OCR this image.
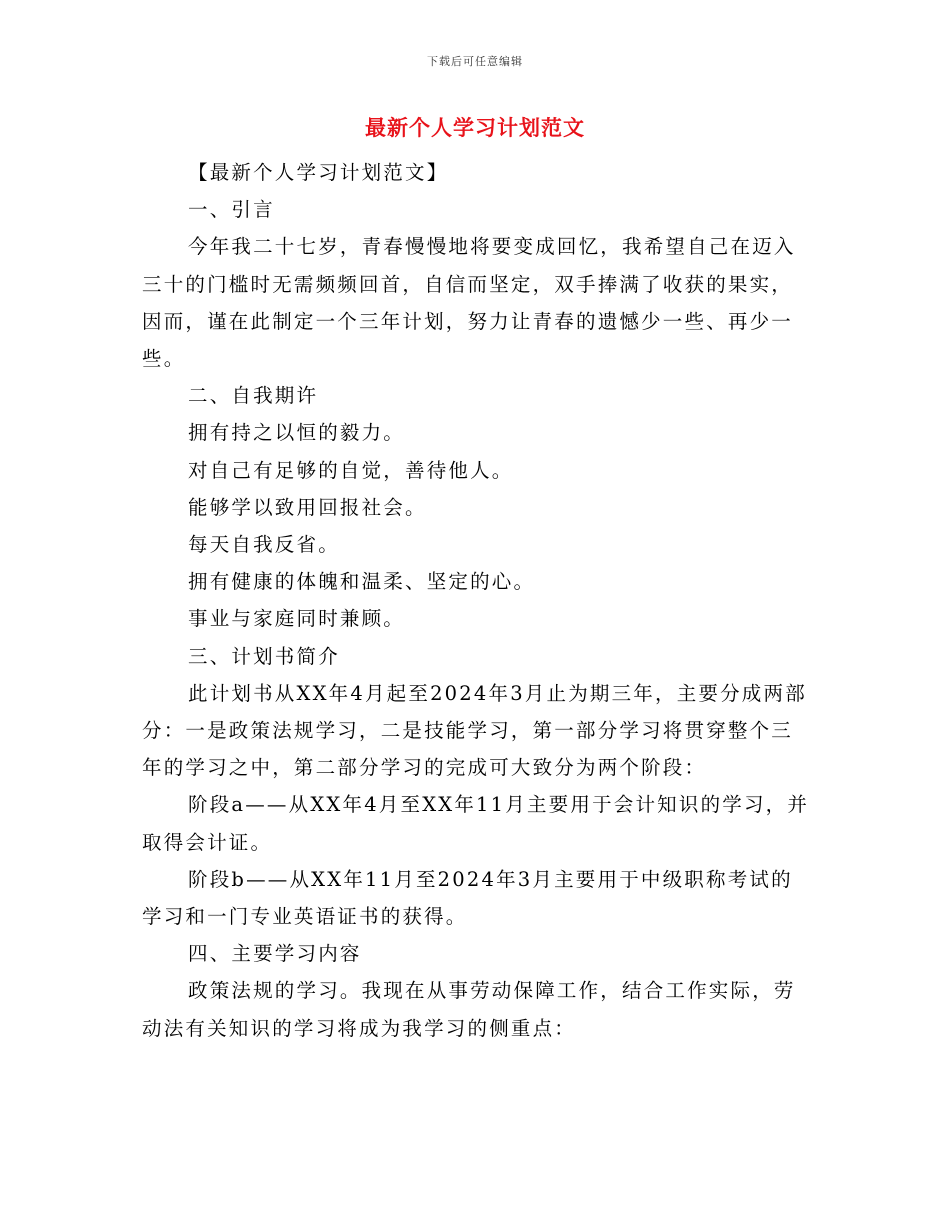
下载后可任意编辑
最新个人学习计划范文

【最新个人学习计划范文】

一、引言

今年我二十七岁，青春慢慢地将要变成回忆，我希望自己在迈入三十的门槛时无需频频回首，自信而坚定，双手捧满了收获的果实，因而，谨在此制定一个三年计划，努力让青春的遗憾少一些、再少一些。

二、自我期许

拥有持之以恒的毅力。

对自己有足够的自觉，善待他人。

能够学以致用回报社会。

每天自我反省。

拥有健康的体魄和温柔、坚定的心。

事业与家庭同时兼顾。

三、计划书简介

此计划书从XX年4月起至2024年3月止为期三年，主要分成两部分：一是政策法规学习，二是技能学习，第一部分学习将贯穿整个三年的学习之中，第二部分学习的完成可大致分为两个阶段：

阶段a——从XX年4月至XX年11月主要用于会计知识的学习，并取得会计证。

阶段b——从XX年11月至2024年3月主要用于中级职称考试的学习和一门专业英语证书的获得。

四、主要学习内容

政策法规的学习。我现在从事劳动保障工作，结合工作实际，劳动法有关知识的学习将成为我学习的侧重点：
